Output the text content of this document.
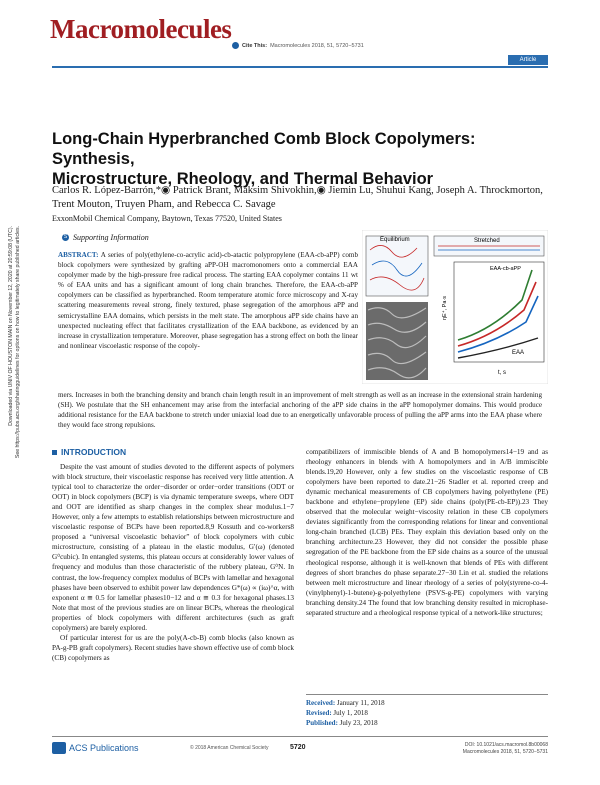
Macromolecules
Cite This: Macromolecules 2018, 51, 5720−5731
Article
Downloaded via UNIV OF HOUSTON MAIN on November 12, 2020 at 20:59:08 (UTC). See https://pubs.acs.org/sharingguidelines for options on how to legitimately share published articles.
Long-Chain Hyperbranched Comb Block Copolymers: Synthesis,
Microstructure, Rheology, and Thermal Behavior
Carlos R. López-Barrón,*◉ Patrick Brant, Maksim Shivokhin,◉ Jiemin Lu, Shuhui Kang, Joseph A. Throckmorton, Trent Mouton, Truyen Pham, and Rebecca C. Savage
ExxonMobil Chemical Company, Baytown, Texas 77520, United States
S Supporting Information
ABSTRACT: A series of poly(ethylene-co-acrylic acid)-cb-atactic polypropylene (EAA-cb-aPP) comb block copolymers were synthesized by grafting aPP-OH macromonomers onto a commercial EAA copolymer made by the high-pressure free radical process. The starting EAA copolymer contains 11 wt % of EAA units and has a significant amount of long chain branches. Therefore, the EAA-cb-aPP copolymers can be classified as hyperbranched. Room temperature atomic force microscopy and X-ray scattering measurements reveal strong, finely textured, phase segregation of the amorphous aPP and semicrystalline EAA domains, which persists in the melt state. The amorphous aPP side chains have an unexpected nucleating effect that facilitates crystallization of the EAA backbone, as evidenced by an increase in crystallization temperature. Moreover, phase segregation has a strong effect on both the linear and nonlinear viscoelastic response of the copoly-
mers. Increases in both the branching density and branch chain length result in an improvement of melt strength as well as an increase in the extensional strain hardening (SH). We postulate that the SH enhancement may arise from the interfacial anchoring of the aPP side chains in the aPP homopolymer domains. This would produce additional resistance for the EAA backbone to stretch under uniaxial load due to an energetically unfavorable process of pulling the aPP arms into the EAA phase where they would face strong repulsions.
Equilibrium	Stretched
EAA-cb-aPP
EAA
ηE⁺, Pa·s
t, s
INTRODUCTION

Despite the vast amount of studies devoted to the different aspects of polymers with block structure, their viscoelastic response has received very little attention. A typical tool to characterize the order−disorder or order−order transitions (ODT or OOT) in block copolymers (BCP) is via dynamic temperature sweeps, where ODT and OOT are identified as sharp changes in the complex shear modulus.1−7 However, only a few attempts to establish relationships between microstructure and viscoelastic response of BCPs have been reported.8,9 Kossuth and co-workers8 proposed a “universal viscoelastic behavior” of block copolymers with cubic microstructure, consisting of a plateau in the elastic modulus, G′(ω) (denoted G⁰cubic). In entangled systems, this plateau occurs at considerably lower values of frequency and modulus than those characteristic of the rubbery plateau, G⁰N. In contrast, the low-frequency complex modulus of BCPs with lamellar and hexagonal phases have been observed to exhibit power law dependences G*(ω) ∝ (iω)^α, with exponent α ≅ 0.5 for lamellar phases10−12 and α ≅ 0.3 for hexagonal phases.13 Note that most of the previous studies are on linear BCPs, whereas the rheological properties of block copolymers with different architectures (such as graft copolymers) are barely explored.

Of particular interest for us are the poly(A-cb-B) comb blocks (also known as PA-g-PB graft copolymers). Recent studies have shown effective use of comb block (CB) copolymers as

compatibilizers of immiscible blends of A and B homopolymers14−19 and as rheology enhancers in blends with A homopolymers and in A/B immiscible blends.19,20 However, only a few studies on the viscoelastic response of CB copolymers have been reported to date.21−26 Stadler et al. reported creep and dynamic mechanical measurements of CB copolymers having polyethylene (PE) backbone and ethylene−propylene (EP) side chains (poly(PE-cb-EP)).23 They observed that the molecular weight−viscosity relation in these CB copolymers deviates significantly from the corresponding relations for linear and conventional long-chain branched (LCB) PEs. They explain this deviation based only on the branching architecture.23 However, they did not consider the possible phase segregation of the PE backbone from the EP side chains as a source of the unusual rheological response, although it is well-known that blends of PEs with different degrees of short branches do phase separate.27−30 Lin et al. studied the relations between melt microstructure and linear rheology of a series of poly(styrene-co-4-(vinylphenyl)-1-butene)-g-polyethylene (PSVS-g-PE) copolymers with varying branching density.24 The found that low branching density resulted in microphase-separated structure and a rheological response typical of a network-like structures;

Received: January 11, 2018
Revised: July 1, 2018
Published: July 23, 2018
ACS Publications	© 2018 American Chemical Society	5720	DOI: 10.1021/acs.macromol.8b00068
Macromolecules 2018, 51, 5720−5731
